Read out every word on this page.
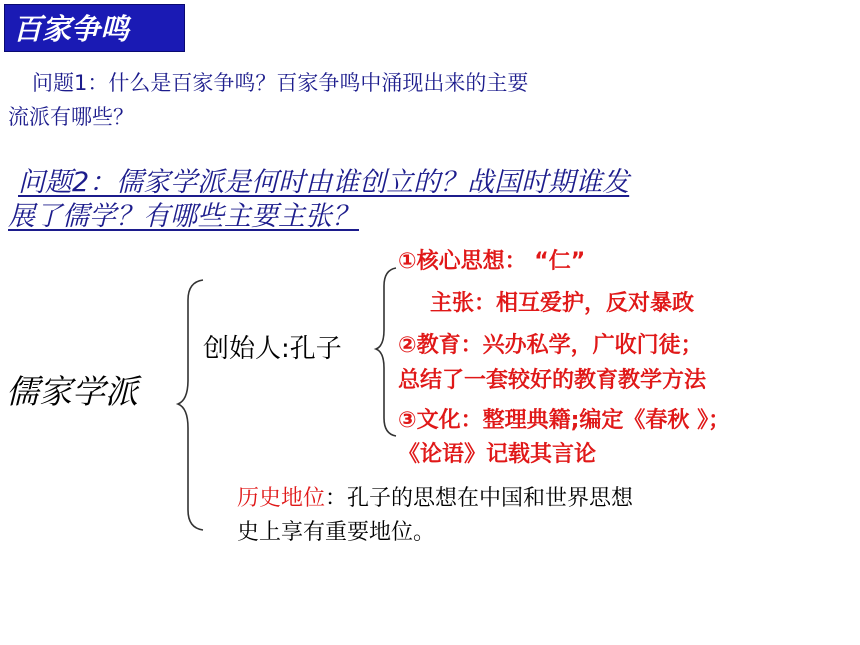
百家争鸣
问题1：什么是百家争鸣？百家争鸣中涌现出来的主要
流派有哪些？
问题2：儒家学派是何时由谁创立的？战国时期谁发
展了儒学？有哪些主要主张？
儒家学派
创始人:孔子
①核心思想： “仁”
主张：相互爱护，反对暴政
②教育：兴办私学，广收门徒；
总结了一套较好的教育教学方法
③文化：整理典籍;编定《春秋 》；
《论语》记载其言论
历史地位：孔子的思想在中国和世界思想
史上享有重要地位。
